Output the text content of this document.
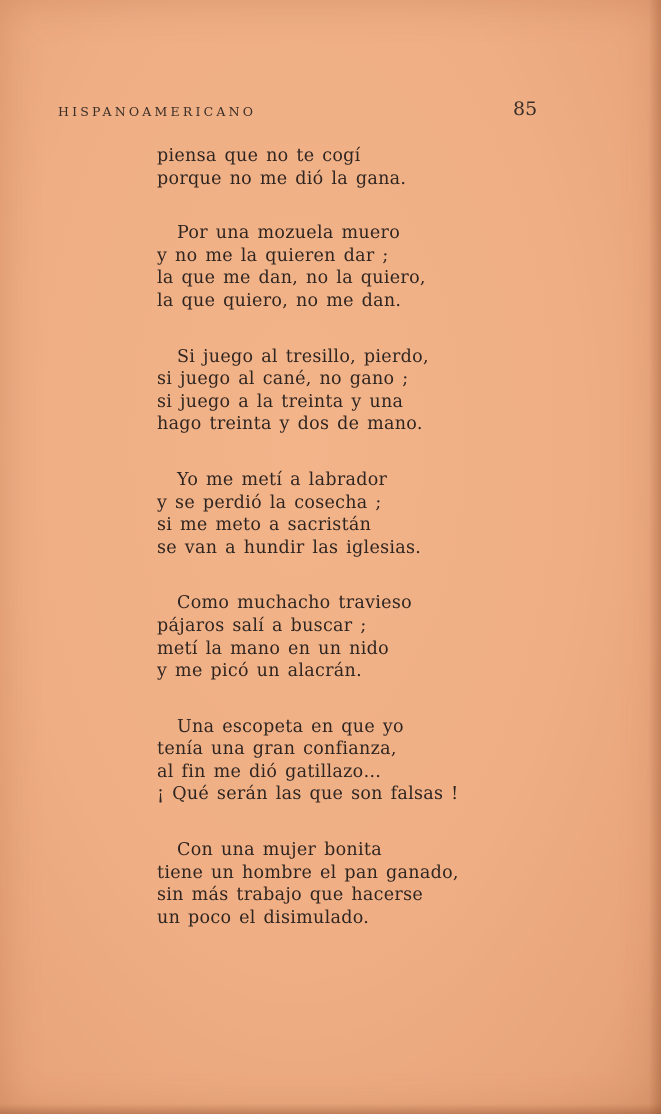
HISPANOAMERICANO	85
piensa que no te cogí
porque no me dió la gana.
Por una mozuela muero
y no me la quieren dar ;
la que me dan, no la quiero,
la que quiero, no me dan.
Si juego al tresillo, pierdo,
si juego al cané, no gano ;
si juego a la treinta y una
hago treinta y dos de mano.
Yo me metí a labrador
y se perdió la cosecha ;
si me meto a sacristán
se van a hundir las iglesias.
Como muchacho travieso
pájaros salí a buscar ;
metí la mano en un nido
y me picó un alacrán.
Una escopeta en que yo
tenía una gran confianza,
al fin me dió gatillazo…
¡ Qué serán las que son falsas !
Con una mujer bonita
tiene un hombre el pan ganado,
sin más trabajo que hacerse
un poco el disimulado.
